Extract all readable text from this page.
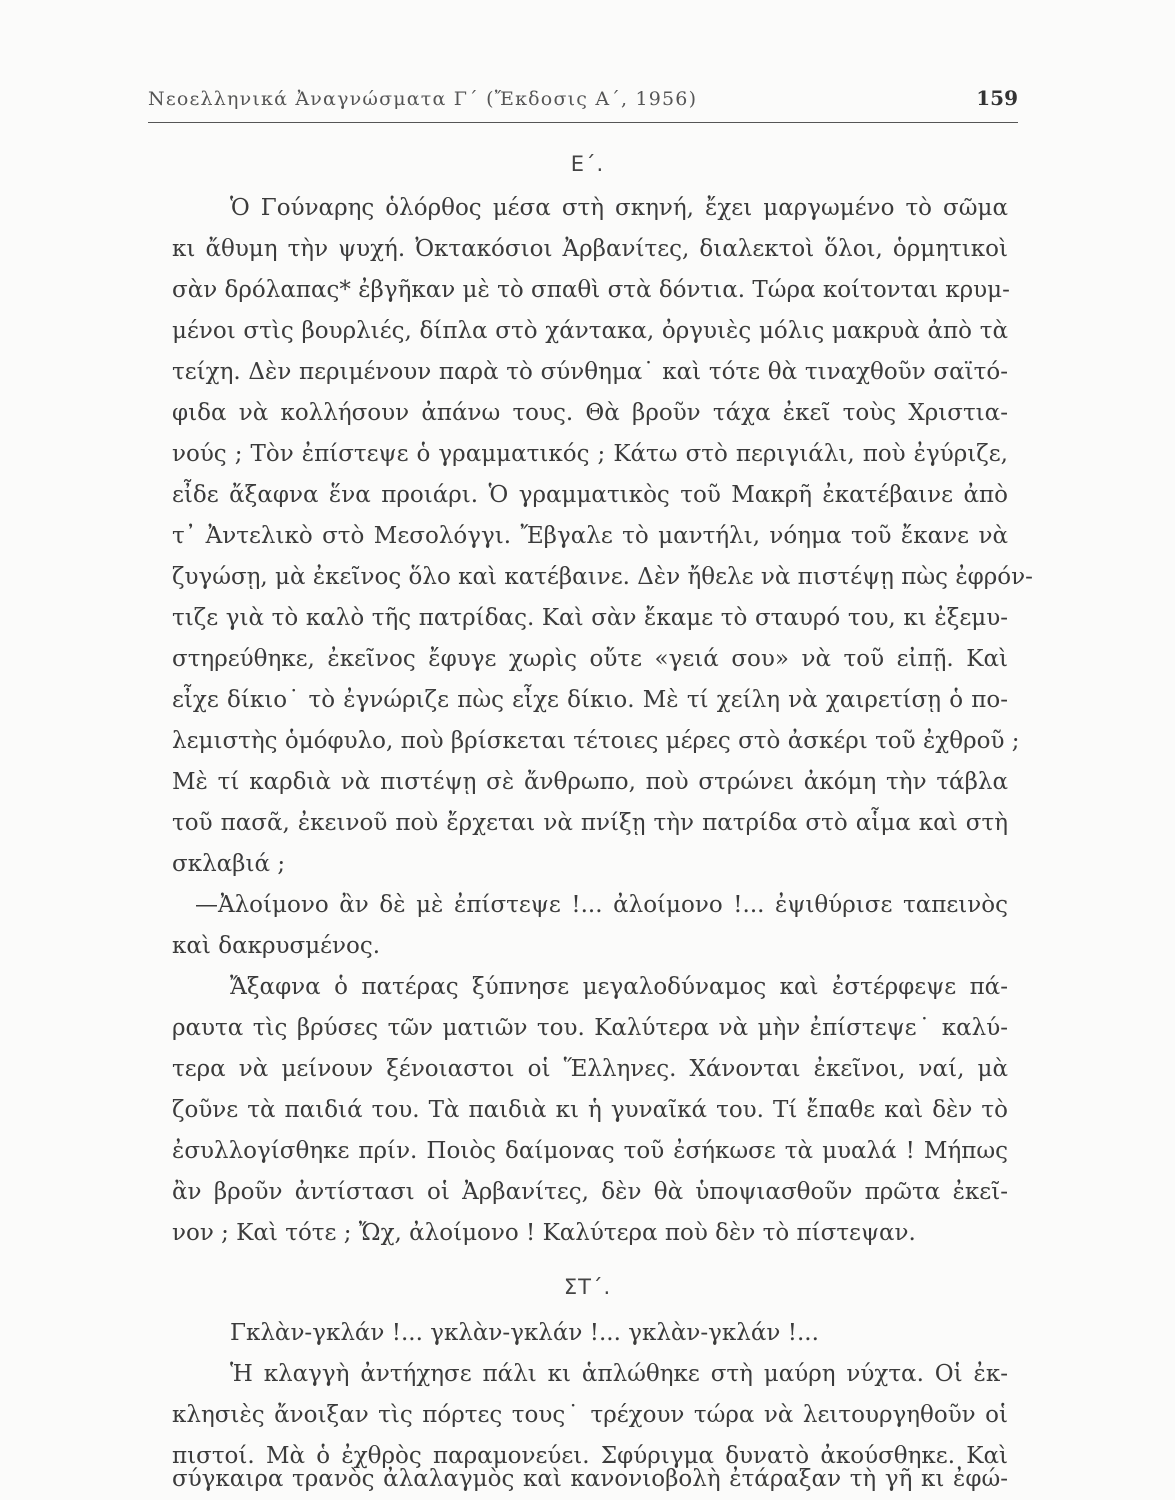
Νεοελληνικά Ἀναγνώσματα Γ΄ (Ἔκδοσις Α΄, 1956)	159
Ε΄.
Ὁ Γούναρης ὁλόρθος μέσα στὴ σκηνή, ἔχει μαργωμένο τὸ σῶμα
κι ἄθυμη τὴν ψυχή. Ὀκτακόσιοι Ἀρβανίτες, διαλεκτοὶ ὅλοι, ὁρμητικοὶ
σὰν δρόλαπας* ἐβγῆκαν μὲ τὸ σπαθὶ στὰ δόντια. Τώρα κοίτονται κρυμ-
μένοι στὶς βουρλιές, δίπλα στὸ χάντακα, ὀργυιὲς μόλις μακρυὰ ἀπὸ τὰ
τείχη. Δὲν περιμένουν παρὰ τὸ σύνθημα˙ καὶ τότε θὰ τιναχθοῦν σαϊτό-
φιδα νὰ κολλήσουν ἀπάνω τους. Θὰ βροῦν τάχα ἐκεῖ τοὺς Χριστια-
νούς ; Τὸν ἐπίστεψε ὁ γραμματικός ; Κάτω στὸ περιγιάλι, ποὺ ἐγύριζε,
εἶδε ἄξαφνα ἕνα προιάρι. Ὁ γραμματικὸς τοῦ Μακρῆ ἐκατέβαινε ἀπὸ
τ᾽ Ἀντελικὸ στὸ Μεσολόγγι. Ἔβγαλε τὸ μαντήλι, νόημα τοῦ ἔκανε νὰ
ζυγώσῃ, μὰ ἐκεῖνος ὅλο καὶ κατέβαινε. Δὲν ἤθελε νὰ πιστέψῃ πὼς ἐφρόν-
τιζε γιὰ τὸ καλὸ τῆς πατρίδας. Καὶ σὰν ἔκαμε τὸ σταυρό του, κι ἐξεμυ-
στηρεύθηκε, ἐκεῖνος ἔφυγε χωρὶς οὔτε «γειά σου» νὰ τοῦ εἰπῇ. Καὶ
εἶχε δίκιο˙ τὸ ἐγνώριζε πὼς εἶχε δίκιο. Μὲ τί χείλη νὰ χαιρετίσῃ ὁ πο-
λεμιστὴς ὁμόφυλο, ποὺ βρίσκεται τέτοιες μέρες στὸ ἀσκέρι τοῦ ἐχθροῦ ;
Μὲ τί καρδιὰ νὰ πιστέψῃ σὲ ἄνθρωπο, ποὺ στρώνει ἀκόμη τὴν τάβλα
τοῦ πασᾶ, ἐκεινοῦ ποὺ ἔρχεται νὰ πνίξῃ τὴν πατρίδα στὸ αἷμα καὶ στὴ
σκλαβιά ;
—Ἀλοίμονο ἂν δὲ μὲ ἐπίστεψε !... ἀλοίμονο !... ἐψιθύρισε ταπεινὸς
καὶ δακρυσμένος.
Ἄξαφνα ὁ πατέρας ξύπνησε μεγαλοδύναμος καὶ ἐστέρφεψε πά-
ραυτα τὶς βρύσες τῶν ματιῶν του. Καλύτερα νὰ μὴν ἐπίστεψε˙ καλύ-
τερα νὰ μείνουν ξένοιαστοι οἱ Ἕλληνες. Χάνονται ἐκεῖνοι, ναί, μὰ
ζοῦνε τὰ παιδιά του. Τὰ παιδιὰ κι ἡ γυναῖκά του. Τί ἔπαθε καὶ δὲν τὸ
ἐσυλλογίσθηκε πρίν. Ποιὸς δαίμονας τοῦ ἐσήκωσε τὰ μυαλά ! Μήπως
ἂν βροῦν ἀντίστασι οἱ Ἀρβανίτες, δὲν θὰ ὑποψιασθοῦν πρῶτα ἐκεῖ-
νον ; Καὶ τότε ; Ὤχ, ἀλοίμονο ! Καλύτερα ποὺ δὲν τὸ πίστεψαν.
ΣΤ΄.
Γκλὰν-γκλάν !... γκλὰν-γκλάν !... γκλὰν-γκλάν !...
Ἡ κλαγγὴ ἀντήχησε πάλι κι ἁπλώθηκε στὴ μαύρη νύχτα. Οἱ ἐκ-
κλησιὲς ἄνοιξαν τὶς πόρτες τους˙ τρέχουν τώρα νὰ λειτουργηθοῦν οἱ
πιστοί. Μὰ ὁ ἐχθρὸς παραμονεύει. Σφύριγμα δυνατὸ ἀκούσθηκε. Καὶ
σύγκαιρα τρανὸς ἀλαλαγμὸς καὶ κανονιοβολὴ ἐτάραξαν τὴ γῆ κι ἐφώ-
